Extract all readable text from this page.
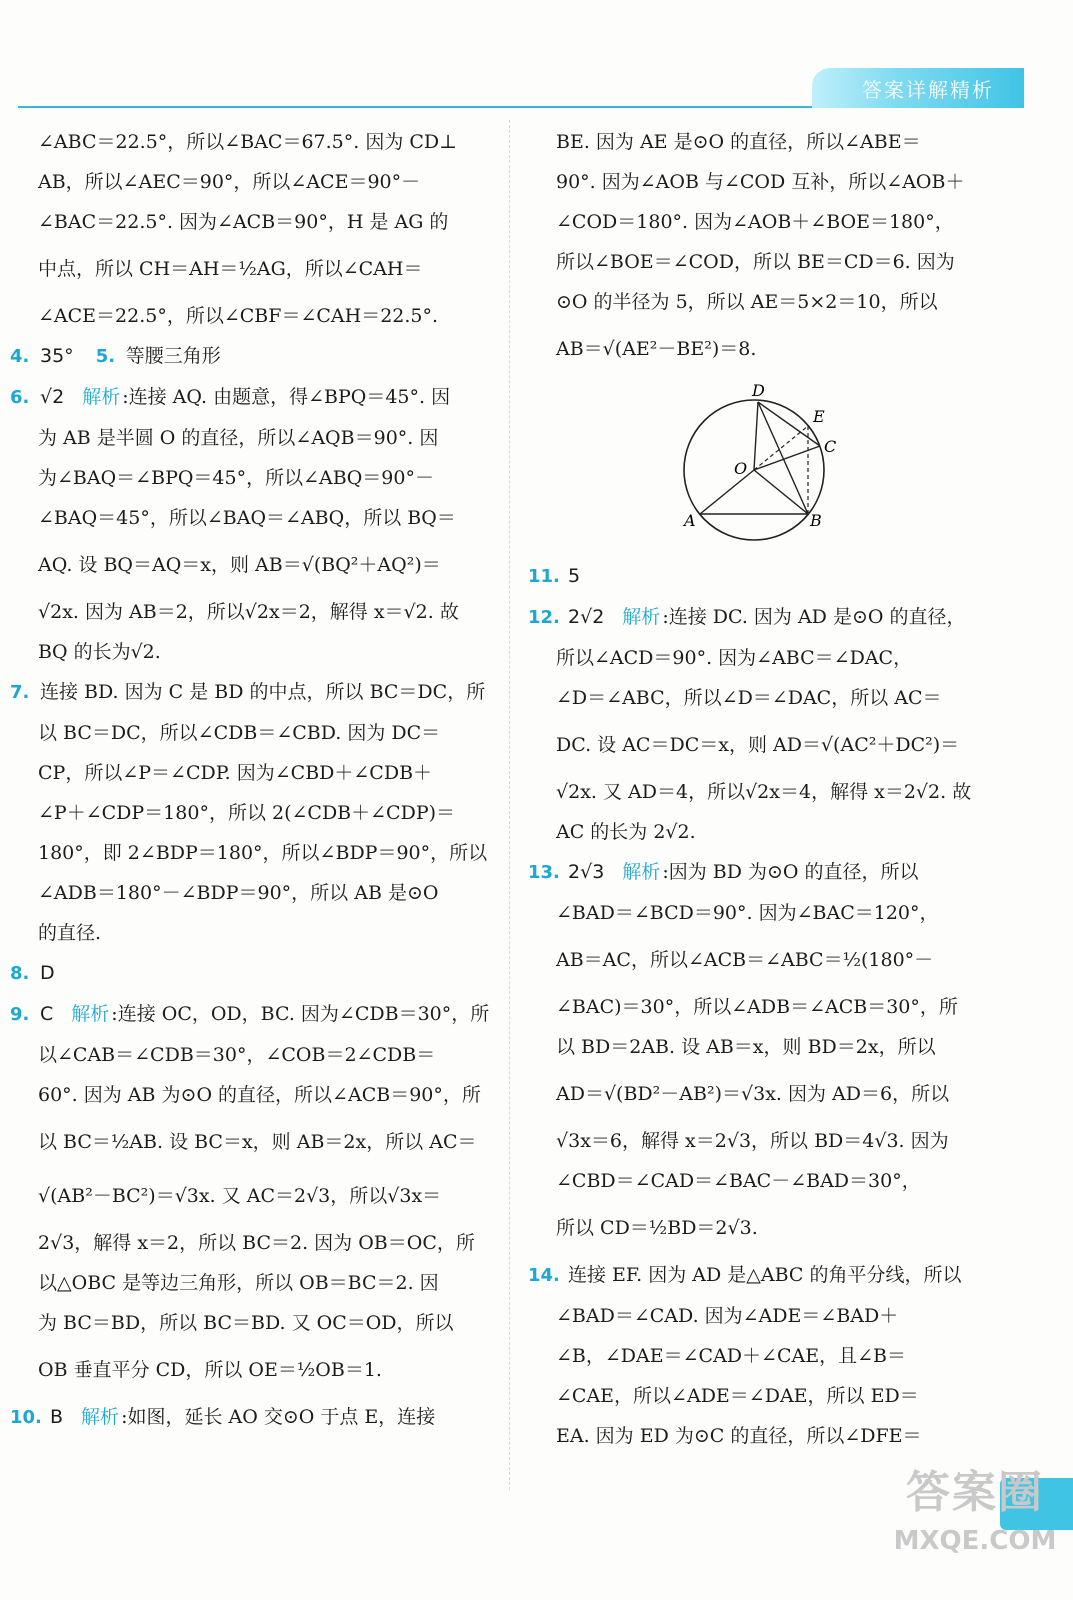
答案详解精析
∠ABC＝22.5°，所以∠BAC＝67.5°. 因为 CD⊥
AB，所以∠AEC＝90°，所以∠ACE＝90°－
∠BAC＝22.5°. 因为∠ACB＝90°，H 是 AG 的
中点，所以 CH＝AH＝½AG，所以∠CAH＝
∠ACE＝22.5°，所以∠CBF＝∠CAH＝22.5°.
4. 35° 5. 等腰三角形
6. √2 解析 :连接 AQ. 由题意，得∠BPQ＝45°. 因
为 AB 是半圆 O 的直径，所以∠AQB＝90°. 因
为∠BAQ＝∠BPQ＝45°，所以∠ABQ＝90°－
∠BAQ＝45°，所以∠BAQ＝∠ABQ，所以 BQ＝
AQ. 设 BQ＝AQ＝x，则 AB＝√(BQ²＋AQ²)＝
√2x. 因为 AB＝2，所以√2x＝2，解得 x＝√2. 故
BQ 的长为√2.
7. 连接 BD. 因为 C 是 BD 的中点，所以 BC＝DC，所
以 BC＝DC，所以∠CDB＝∠CBD. 因为 DC＝
CP，所以∠P＝∠CDP. 因为∠CBD＋∠CDB＋
∠P＋∠CDP＝180°，所以 2(∠CDB＋∠CDP)＝
180°，即 2∠BDP＝180°，所以∠BDP＝90°，所以
∠ADB＝180°－∠BDP＝90°，所以 AB 是⊙O
的直径.
8. D
9. C 解析 :连接 OC，OD，BC. 因为∠CDB＝30°，所
以∠CAB＝∠CDB＝30°，∠COB＝2∠CDB＝
60°. 因为 AB 为⊙O 的直径，所以∠ACB＝90°，所
以 BC＝½AB. 设 BC＝x，则 AB＝2x，所以 AC＝
√(AB²－BC²)＝√3x. 又 AC＝2√3，所以√3x＝
2√3，解得 x＝2，所以 BC＝2. 因为 OB＝OC，所
以△OBC 是等边三角形，所以 OB＝BC＝2. 因
为 BC＝BD，所以 BC＝BD. 又 OC＝OD，所以
OB 垂直平分 CD，所以 OE＝½OB＝1.
10. B 解析 :如图，延长 AO 交⊙O 于点 E，连接
BE. 因为 AE 是⊙O 的直径，所以∠ABE＝
90°. 因为∠AOB 与∠COD 互补，所以∠AOB＋
∠COD＝180°. 因为∠AOB＋∠BOE＝180°，
所以∠BOE＝∠COD，所以 BE＝CD＝6. 因为
⊙O 的半径为 5，所以 AE＝5×2＝10，所以
AB＝√(AE²－BE²)＝8.
D
E
C
O
A	B
11. 5
12. 2√2 解析 :连接 DC. 因为 AD 是⊙O 的直径，
所以∠ACD＝90°. 因为∠ABC＝∠DAC，
∠D＝∠ABC，所以∠D＝∠DAC，所以 AC＝
DC. 设 AC＝DC＝x，则 AD＝√(AC²＋DC²)＝
√2x. 又 AD＝4，所以√2x＝4，解得 x＝2√2. 故
AC 的长为 2√2.
13. 2√3 解析 :因为 BD 为⊙O 的直径，所以
∠BAD＝∠BCD＝90°. 因为∠BAC＝120°，
AB＝AC，所以∠ACB＝∠ABC＝½(180°－
∠BAC)＝30°，所以∠ADB＝∠ACB＝30°，所
以 BD＝2AB. 设 AB＝x，则 BD＝2x，所以
AD＝√(BD²－AB²)＝√3x. 因为 AD＝6，所以
√3x＝6，解得 x＝2√3，所以 BD＝4√3. 因为
∠CBD＝∠CAD＝∠BAC－∠BAD＝30°，
所以 CD＝½BD＝2√3.
14. 连接 EF. 因为 AD 是△ABC 的角平分线，所以
∠BAD＝∠CAD. 因为∠ADE＝∠BAD＋
∠B，∠DAE＝∠CAD＋∠CAE，且∠B＝
∠CAE，所以∠ADE＝∠DAE，所以 ED＝
EA. 因为 ED 为⊙C 的直径，所以∠DFE＝
答案圈
MXQE.COM
